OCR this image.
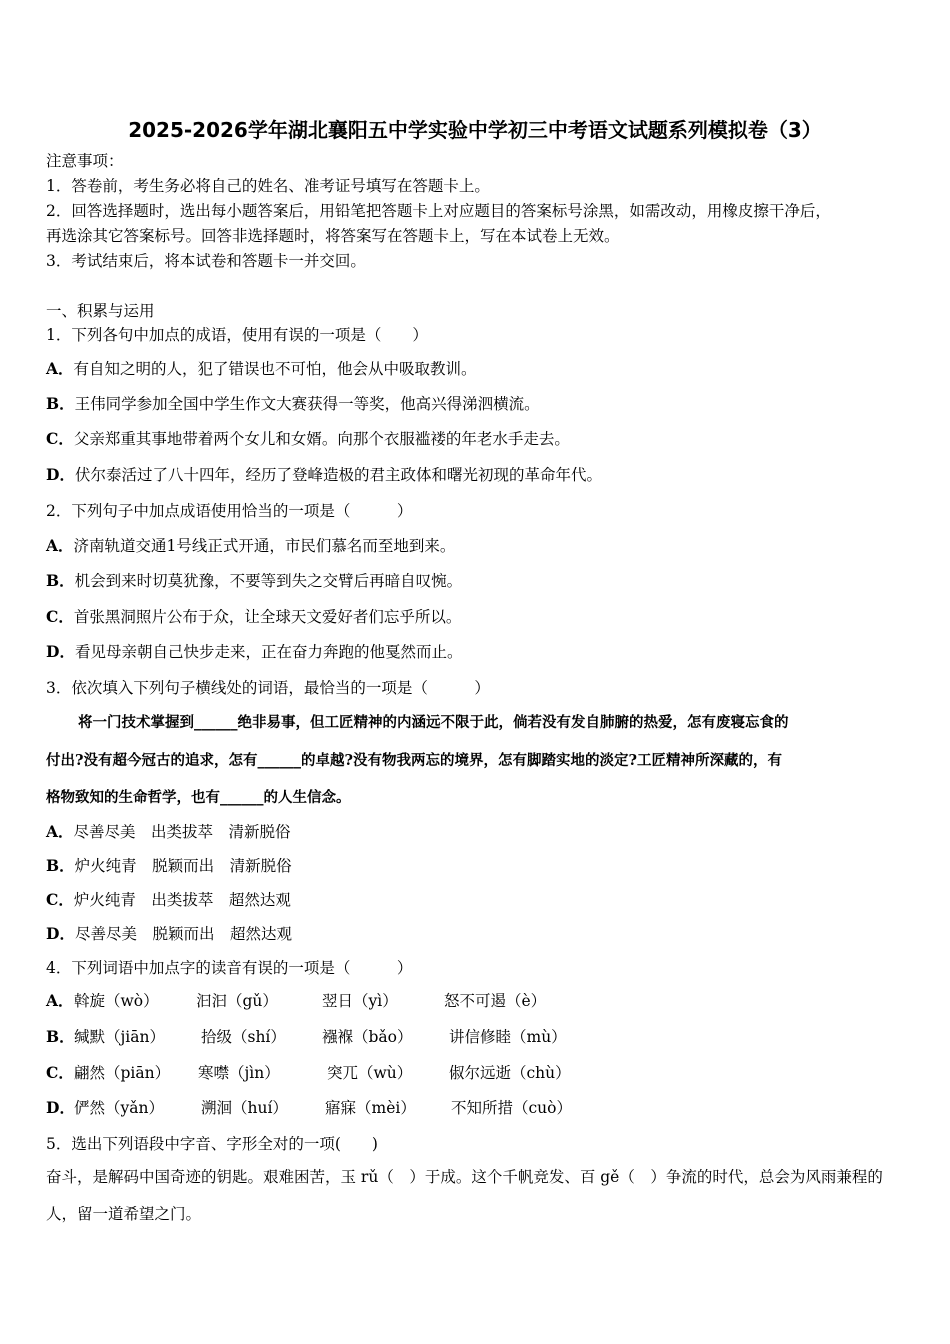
2025-2026学年湖北襄阳五中学实验中学初三中考语文试题系列模拟卷（3）
注意事项：
1．答卷前，考生务必将自己的姓名、准考证号填写在答题卡上。
2．回答选择题时，选出每小题答案后，用铅笔把答题卡上对应题目的答案标号涂黑，如需改动，用橡皮擦干净后，
再选涂其它答案标号。回答非选择题时，将答案写在答题卡上，写在本试卷上无效。
3．考试结束后，将本试卷和答题卡一并交回。
一、积累与运用
1．下列各句中加点的成语，使用有误的一项是（　　）
A．有自知之明的人，犯了错误也不可怕，他会从中吸取教训。
B．王伟同学参加全国中学生作文大赛获得一等奖，他高兴得涕泗横流。
C．父亲郑重其事地带着两个女儿和女婿。向那个衣服褴褛的年老水手走去。
D．伏尔泰活过了八十四年，经历了登峰造极的君主政体和曙光初现的革命年代。
2．下列句子中加点成语使用恰当的一项是（　　　）
A．济南轨道交通1号线正式开通，市民们慕名而至地到来。
B．机会到来时切莫犹豫，不要等到失之交臂后再暗自叹惋。
C．首张黑洞照片公布于众，让全球天文爱好者们忘乎所以。
D．看见母亲朝自己快步走来，正在奋力奔跑的他戛然而止。
3．依次填入下列句子横线处的词语，最恰当的一项是（　　　）
将一门技术掌握到______绝非易事，但工匠精神的内涵远不限于此，倘若没有发自肺腑的热爱，怎有废寝忘食的
付出?没有超今冠古的追求，怎有______的卓越?没有物我两忘的境界，怎有脚踏实地的淡定?工匠精神所深藏的，有
格物致知的生命哲学，也有______的人生信念。
A．尽善尽美　出类拔萃　清新脱俗
B．炉火纯青　脱颖而出　清新脱俗
C．炉火纯青　出类拔萃　超然达观
D．尽善尽美　脱颖而出　超然达观
4．下列词语中加点字的读音有误的一项是（　　　）
A． 斡旋（wò） 汩汩（gǔ）	翌日（yì）	怒不可遏（è）
B． 缄默（jiān） 拾级（shí） 襁褓（bǎo） 讲信修睦（mù）
C． 翩然（piān） 寒噤（jìn）	突兀（wù） 俶尔远逝（chù）
D． 俨然（yǎn） 溯洄（huí） 寤寐（mèi） 不知所措（cuò）
5．选出下列语段中字音、字形全对的一项(　　)
奋斗，是解码中国奇迹的钥匙。艰难困苦，玉 rǔ（　）于成。这个千帆竞发、百 gě（　）争流的时代，总会为风雨兼程的人，留一道希望之门。
